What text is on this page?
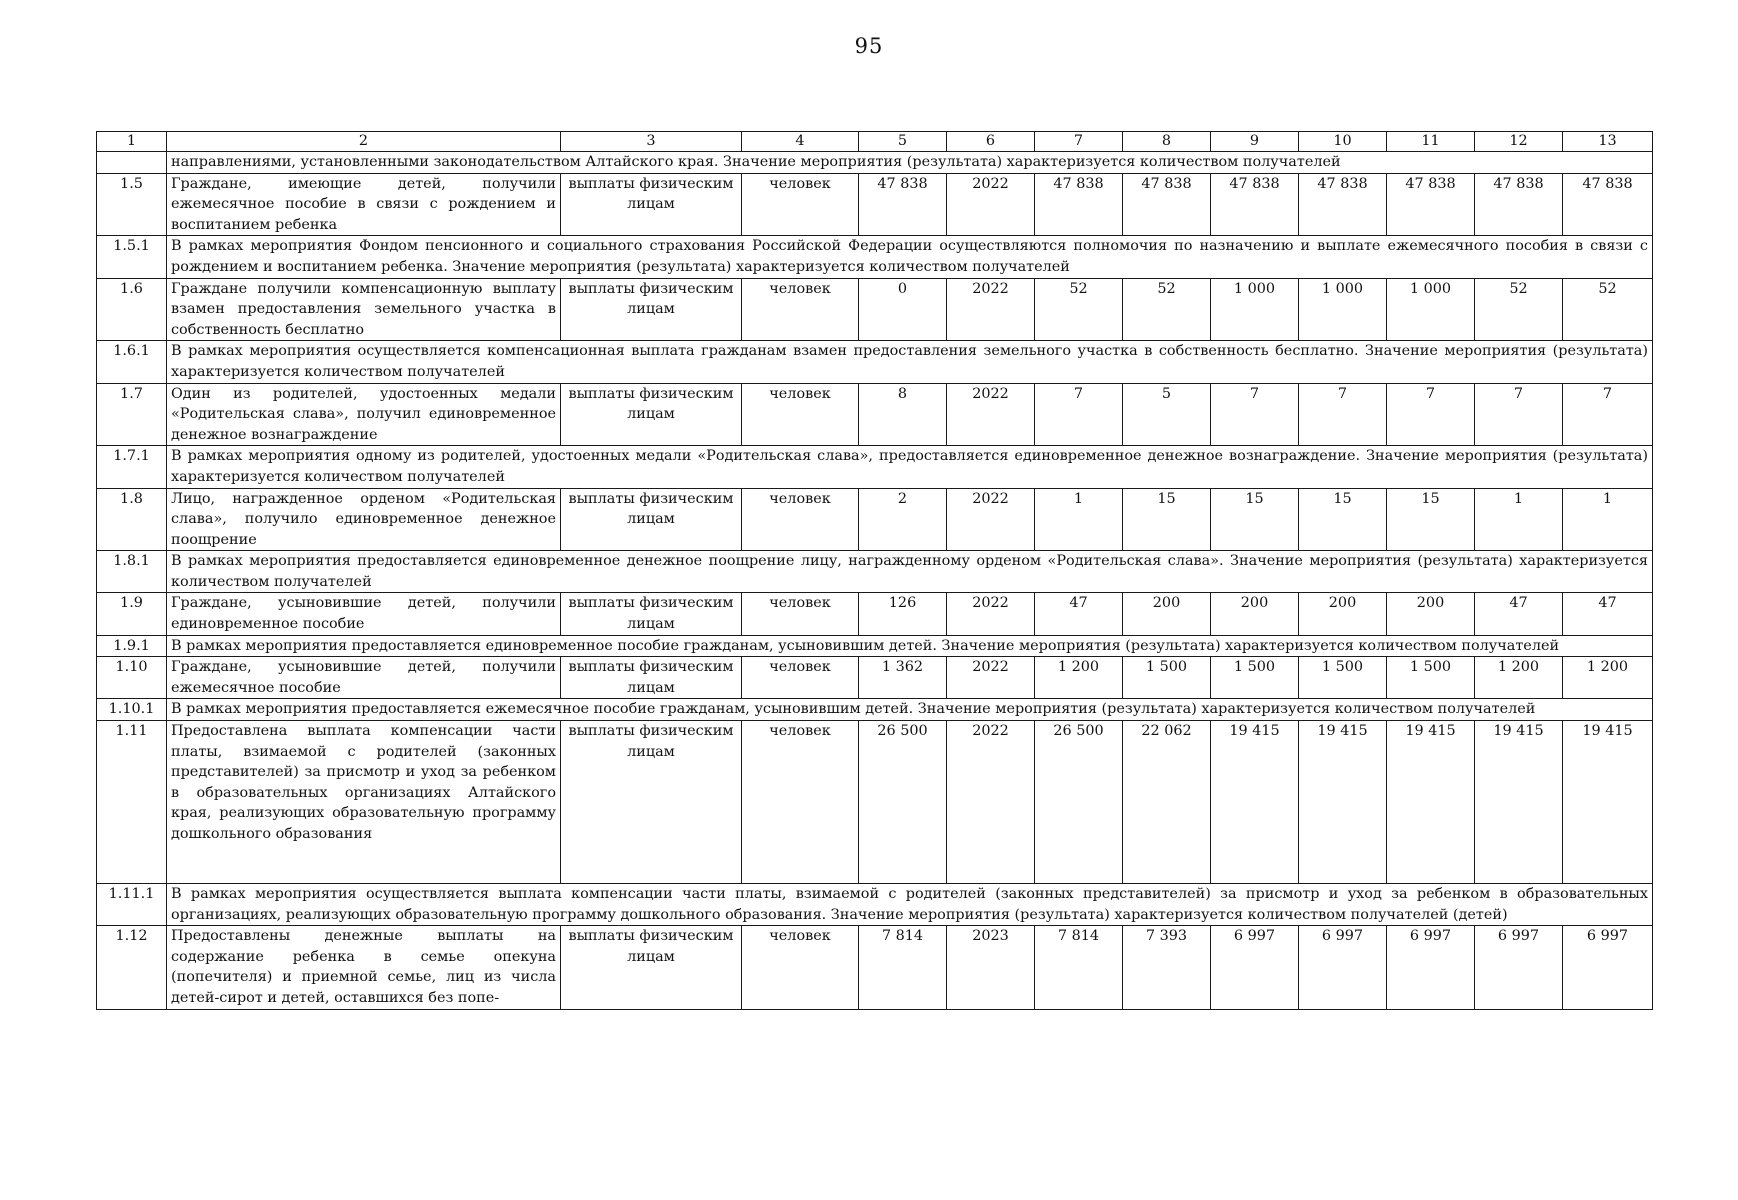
95
1	2	3	4	5	6	7	8	9	10	11	12	13
	направлениями, установленными законодательством Алтайского края. Значение мероприятия (результата) характеризуется количеством получателей											
1.5	Граждане, имеющие детей, получили ежемесячное пособие в связи с рождением и воспитанием ребенка	выплаты физическим лицам	человек	47 838	2022	47 838	47 838	47 838	47 838	47 838	47 838	47 838
1.5.1	В рамках мероприятия Фондом пенсионного и социального страхования Российской Федерации осуществляются полномочия по назначению и выплате ежемесячного пособия в связи с рождением и воспитанием ребенка. Значение мероприятия (результата) характеризуется количеством получателей											
1.6	Граждане получили компенсационную выплату взамен предоставления земельного участка в собственность бесплатно	выплаты физическим лицам	человек	0	2022	52	52	1 000	1 000	1 000	52	52
1.6.1	В рамках мероприятия осуществляется компенсационная выплата гражданам взамен предоставления земельного участка в собственность бесплатно. Значение мероприятия (результата) характеризуется количеством получателей											
1.7	Один из родителей, удостоенных медали «Родительская слава», получил единовременное денежное вознаграждение	выплаты физическим лицам	человек	8	2022	7	5	7	7	7	7	7
1.7.1	В рамках мероприятия одному из родителей, удостоенных медали «Родительская слава», предоставляется единовременное денежное вознаграждение. Значение мероприятия (результата) характеризуется количеством получателей											
1.8	Лицо, награжденное орденом «Родительская слава», получило единовременное денежное поощрение	выплаты физическим лицам	человек	2	2022	1	15	15	15	15	1	1
1.8.1	В рамках мероприятия предоставляется единовременное денежное поощрение лицу, награжденному орденом «Родительская слава». Значение мероприятия (результата) характеризуется количеством получателей											
1.9	Граждане, усыновившие детей, получили единовременное пособие	выплаты физическим лицам	человек	126	2022	47	200	200	200	200	47	47
1.9.1	В рамках мероприятия предоставляется единовременное пособие гражданам, усыновившим детей. Значение мероприятия (результата) характеризуется количеством получателей											
1.10	Граждане, усыновившие детей, получили ежемесячное пособие	выплаты физическим лицам	человек	1 362	2022	1 200	1 500	1 500	1 500	1 500	1 200	1 200
1.10.1	В рамках мероприятия предоставляется ежемесячное пособие гражданам, усыновившим детей. Значение мероприятия (результата) характеризуется количеством получателей											
1.11	Предоставлена выплата компенсации части платы, взимаемой с родителей (законных представителей) за присмотр и уход за ребенком в образовательных организациях Алтайского края, реализующих образовательную программу дошкольного образования	выплаты физическим лицам	человек	26 500	2022	26 500	22 062	19 415	19 415	19 415	19 415	19 415
1.11.1	В рамках мероприятия осуществляется выплата компенсации части платы, взимаемой с родителей (законных представителей) за присмотр и уход за ребенком в образовательных организациях, реализующих образовательную программу дошкольного образования. Значение мероприятия (результата) характеризуется количеством получателей (детей)											
1.12	Предоставлены денежные выплаты на содержание ребенка в семье опекуна (попечителя) и приемной семье, лиц из числа детей-сирот и детей, оставшихся без попе-	выплаты физическим лицам	человек	7 814	2023	7 814	7 393	6 997	6 997	6 997	6 997	6 997
